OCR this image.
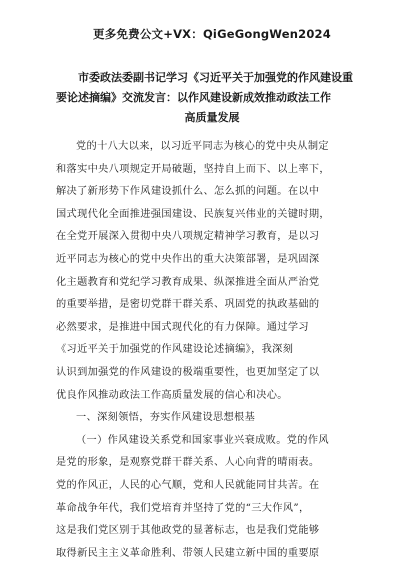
更多免费公文+VX：QiGeGongWen2024
市委政法委副书记学习《习近平关于加强党的作风建设重
要论述摘编》交流发言：以作风建设新成效推动政法工作
高质量发展
党的十八大以来，以习近平同志为核心的党中央从制定
和落实中央八项规定开局破题，坚持自上而下、以上率下，
解决了新形势下作风建设抓什么、怎么抓的问题。在以中
国式现代化全面推进强国建设、民族复兴伟业的关键时期，
在全党开展深入贯彻中央八项规定精神学习教育，是以习
近平同志为核心的党中央作出的重大决策部署，是巩固深
化主题教育和党纪学习教育成果、纵深推进全面从严治党
的重要举措，是密切党群干群关系、巩固党的执政基础的
必然要求，是推进中国式现代化的有力保障。通过学习
《习近平关于加强党的作风建设论述摘编》，我深刻
认识到加强党的作风建设的极端重要性，也更加坚定了以
优良作风推动政法工作高质量发展的信心和决心。
一、深刻领悟，夯实作风建设思想根基
（一）作风建设关系党和国家事业兴衰成败。党的作风
是党的形象，是观察党群干群关系、人心向背的晴雨表。
党的作风正，人民的心气顺，党和人民就能同甘共苦。在
革命战争年代，我们党培育并坚持了党的“三大作风”，
这是我们党区别于其他政党的显著标志，也是我们党能够
取得新民主主义革命胜利、带领人民建立新中国的重要原
